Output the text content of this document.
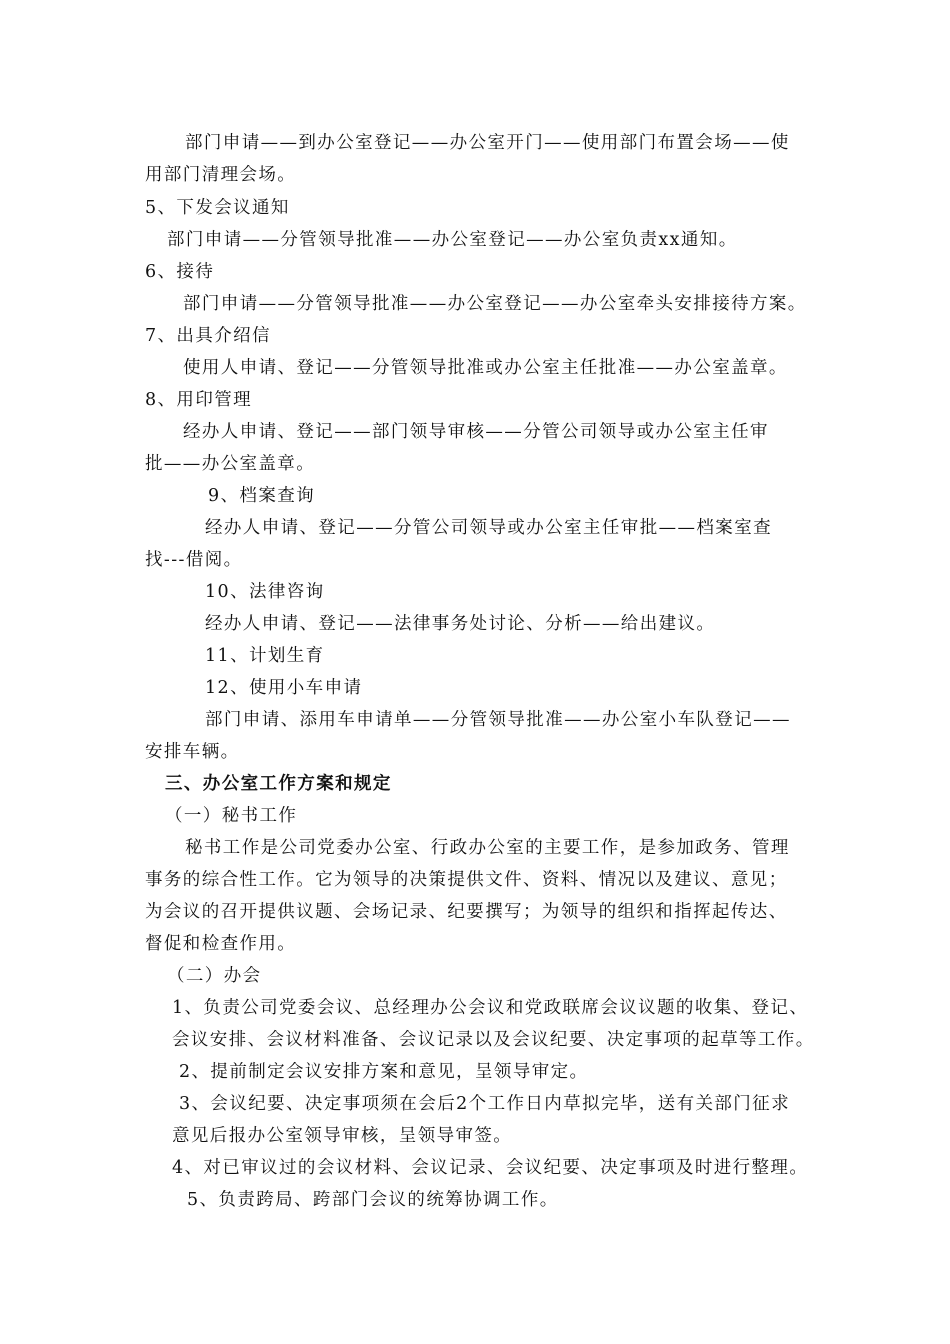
部门申请——到办公室登记——办公室开门——使用部门布置会场——使
用部门清理会场。
5、下发会议通知
部门申请——分管领导批准——办公室登记——办公室负责xx通知。
6、接待
部门申请——分管领导批准——办公室登记——办公室牵头安排接待方案。
7、出具介绍信
使用人申请、登记——分管领导批准或办公室主任批准——办公室盖章。
8、用印管理
经办人申请、登记——部门领导审核——分管公司领导或办公室主任审
批——办公室盖章。
9、档案查询
经办人申请、登记——分管公司领导或办公室主任审批——档案室查
找---借阅。
10、法律咨询
经办人申请、登记——法律事务处讨论、分析——给出建议。
11、计划生育
12、使用小车申请
部门申请、添用车申请单——分管领导批准——办公室小车队登记——
安排车辆。
三、办公室工作方案和规定
（一）秘书工作
秘书工作是公司党委办公室、行政办公室的主要工作，是参加政务、管理
事务的综合性工作。它为领导的决策提供文件、资料、情况以及建议、意见；
为会议的召开提供议题、会场记录、纪要撰写；为领导的组织和指挥起传达、
督促和检查作用。
（二）办会
1、负责公司党委会议、总经理办公会议和党政联席会议议题的收集、登记、
会议安排、会议材料准备、会议记录以及会议纪要、决定事项的起草等工作。
2、提前制定会议安排方案和意见，呈领导审定。
3、会议纪要、决定事项须在会后2个工作日内草拟完毕，送有关部门征求
意见后报办公室领导审核，呈领导审签。
4、对已审议过的会议材料、会议记录、会议纪要、决定事项及时进行整理。
5、负责跨局、跨部门会议的统筹协调工作。
